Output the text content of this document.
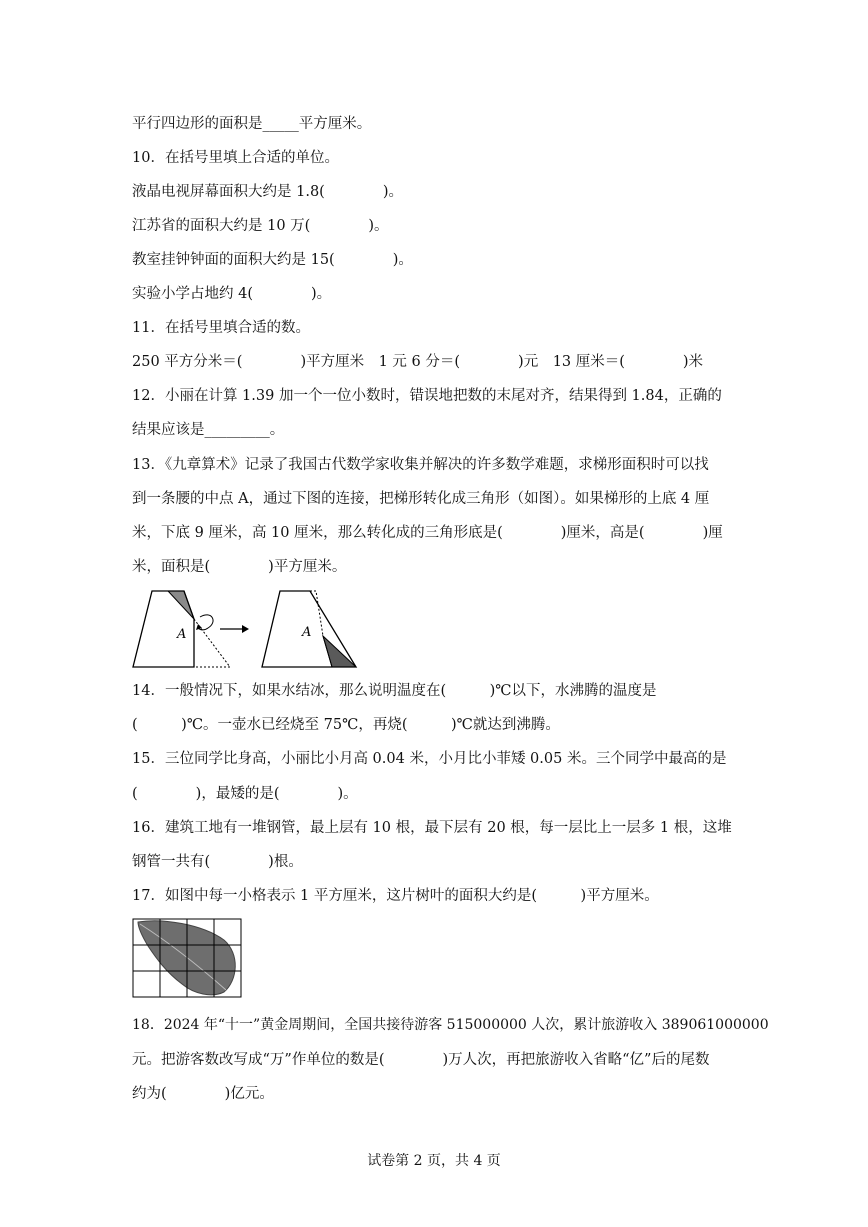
平行四边形的面积是_____平方厘米。
10．在括号里填上合适的单位。
液晶电视屏幕面积大约是 1.8(　　　　)。
江苏省的面积大约是 10 万(　　　　)。
教室挂钟钟面的面积大约是 15(　　　　)。
实验小学占地约 4(　　　　)。
11．在括号里填合适的数。
250 平方分米＝(　　　　)平方厘米　1 元 6 分＝(　　　　)元　13 厘米＝(　　　　)米
12．小丽在计算 1.39 加一个一位小数时，错误地把数的末尾对齐，结果得到 1.84，正确的
结果应该是_________。
13．《九章算术》记录了我国古代数学家收集并解决的许多数学难题，求梯形面积时可以找
到一条腰的中点 A，通过下图的连接，把梯形转化成三角形（如图）。如果梯形的上底 4 厘
米，下底 9 厘米，高 10 厘米，那么转化成的三角形底是(　　　　)厘米，高是(　　　　)厘
米，面积是(　　　　)平方厘米。
A	A
14．一般情况下，如果水结冰，那么说明温度在(　　　)℃以下，水沸腾的温度是
(　　　)℃。一壶水已经烧至 75℃，再烧(　　　)℃就达到沸腾。
15．三位同学比身高，小丽比小月高 0.04 米，小月比小菲矮 0.05 米。三个同学中最高的是
(　　　　)，最矮的是(　　　　)。
16．建筑工地有一堆钢管，最上层有 10 根，最下层有 20 根，每一层比上一层多 1 根，这堆
钢管一共有(　　　　)根。
17．如图中每一小格表示 1 平方厘米，这片树叶的面积大约是(　　　)平方厘米。
18．2024 年“十一”黄金周期间，全国共接待游客 515000000 人次，累计旅游收入 389061000000
元。把游客数改写成“万”作单位的数是(　　　　)万人次，再把旅游收入省略“亿”后的尾数
约为(　　　　)亿元。
试卷第 2 页，共 4 页
